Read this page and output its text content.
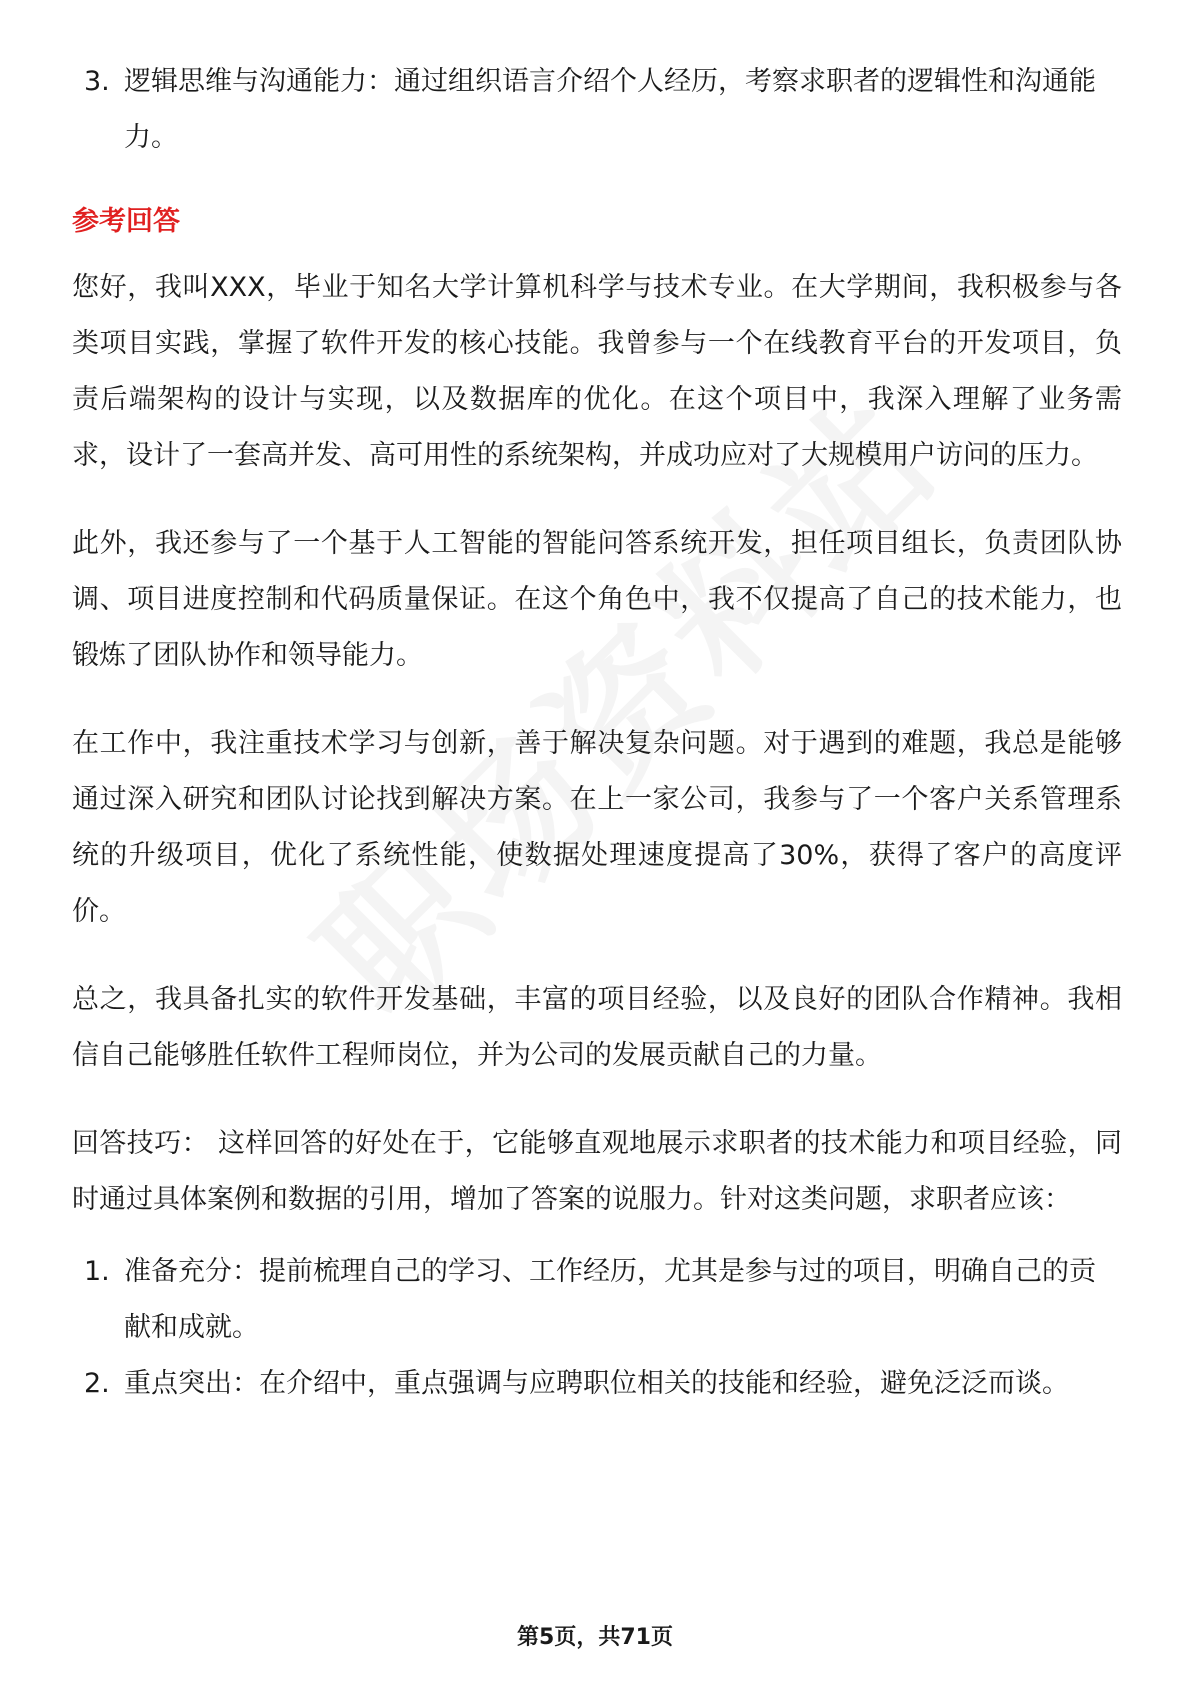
3. 逻辑思维与沟通能力：通过组织语言介绍个人经历，考察求职者的逻辑性和沟通能力。
参考回答

您好，我叫XXX，毕业于知名大学计算机科学与技术专业。在大学期间，我积极参与各类项目实践，掌握了软件开发的核心技能。我曾参与一个在线教育平台的开发项目，负责后端架构的设计与实现，以及数据库的优化。在这个项目中，我深入理解了业务需求，设计了一套高并发、高可用性的系统架构，并成功应对了大规模用户访问的压力。

此外，我还参与了一个基于人工智能的智能问答系统开发，担任项目组长，负责团队协调、项目进度控制和代码质量保证。在这个角色中，我不仅提高了自己的技术能力，也锻炼了团队协作和领导能力。

在工作中，我注重技术学习与创新，善于解决复杂问题。对于遇到的难题，我总是能够通过深入研究和团队讨论找到解决方案。在上一家公司，我参与了一个客户关系管理系统的升级项目，优化了系统性能，使数据处理速度提高了30%，获得了客户的高度评价。

总之，我具备扎实的软件开发基础，丰富的项目经验，以及良好的团队合作精神。我相信自己能够胜任软件工程师岗位，并为公司的发展贡献自己的力量。

回答技巧： 这样回答的好处在于，它能够直观地展示求职者的技术能力和项目经验，同时通过具体案例和数据的引用，增加了答案的说服力。针对这类问题，求职者应该：

1. 准备充分：提前梳理自己的学习、工作经历，尤其是参与过的项目，明确自己的贡献和成就。
2. 重点突出：在介绍中，重点强调与应聘职位相关的技能和经验，避免泛泛而谈。
第5页，共71页
